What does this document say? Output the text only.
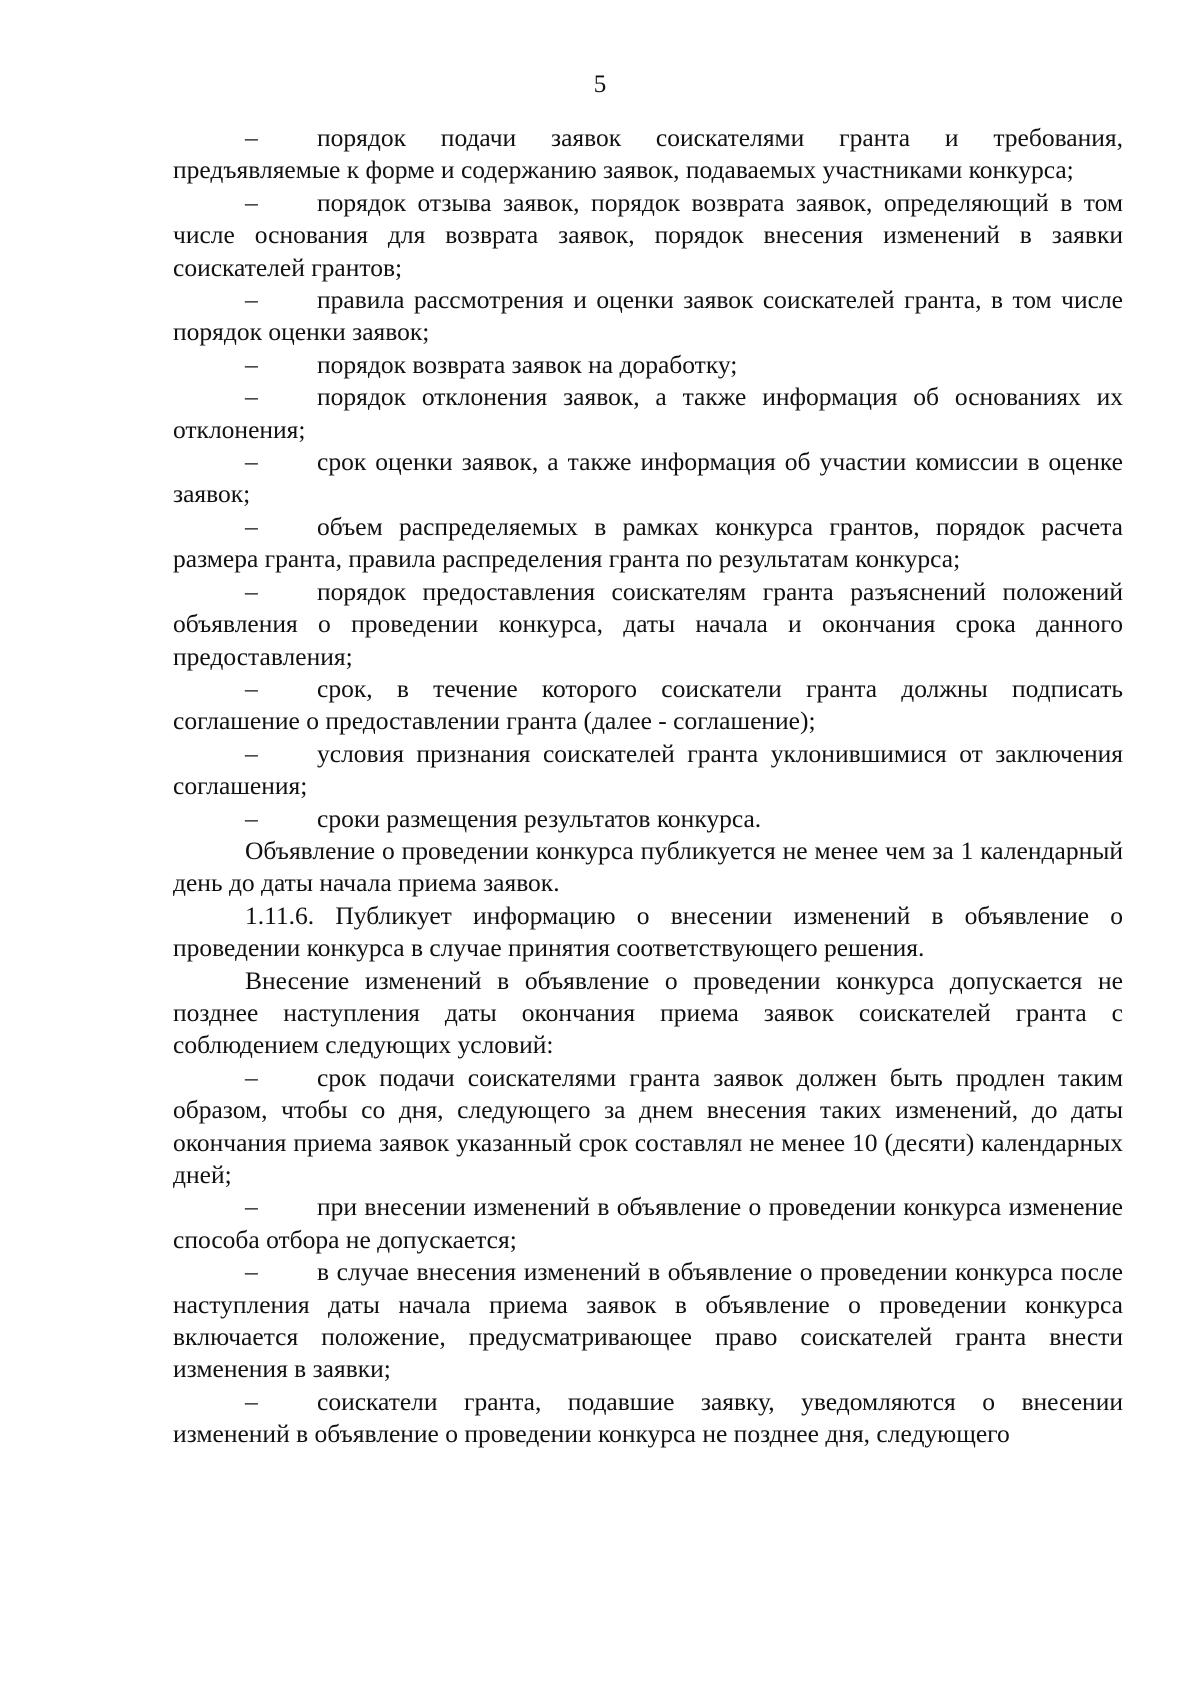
5

– порядок подачи заявок соискателями гранта и требования, предъявляемые к форме и содержанию заявок, подаваемых участниками конкурса;

– порядок отзыва заявок, порядок возврата заявок, определяющий в том числе основания для возврата заявок, порядок внесения изменений в заявки соискателей грантов;

– правила рассмотрения и оценки заявок соискателей гранта, в том числе порядок оценки заявок;

– порядок возврата заявок на доработку;

– порядок отклонения заявок, а также информация об основаниях их отклонения;

– срок оценки заявок, а также информация об участии комиссии в оценке заявок;

– объем распределяемых в рамках конкурса грантов, порядок расчета размера гранта, правила распределения гранта по результатам конкурса;

– порядок предоставления соискателям гранта разъяснений положений объявления о проведении конкурса, даты начала и окончания срока данного предоставления;

– срок, в течение которого соискатели гранта должны подписать соглашение о предоставлении гранта (далее - соглашение);

– условия признания соискателей гранта уклонившимися от заключения соглашения;

– сроки размещения результатов конкурса.

Объявление о проведении конкурса публикуется не менее чем за 1 календарный день до даты начала приема заявок.

1.11.6. Публикует информацию о внесении изменений в объявление о проведении конкурса в случае принятия соответствующего решения.

Внесение изменений в объявление о проведении конкурса допускается не позднее наступления даты окончания приема заявок соискателей гранта с соблюдением следующих условий:

– срок подачи соискателями гранта заявок должен быть продлен таким образом, чтобы со дня, следующего за днем внесения таких изменений, до даты окончания приема заявок указанный срок составлял не менее 10 (десяти) календарных дней;

– при внесении изменений в объявление о проведении конкурса изменение способа отбора не допускается;

– в случае внесения изменений в объявление о проведении конкурса после наступления даты начала приема заявок в объявление о проведении конкурса включается положение, предусматривающее право соискателей гранта внести изменения в заявки;

– соискатели гранта, подавшие заявку, уведомляются о внесении изменений в объявление о проведении конкурса не позднее дня, следующего
